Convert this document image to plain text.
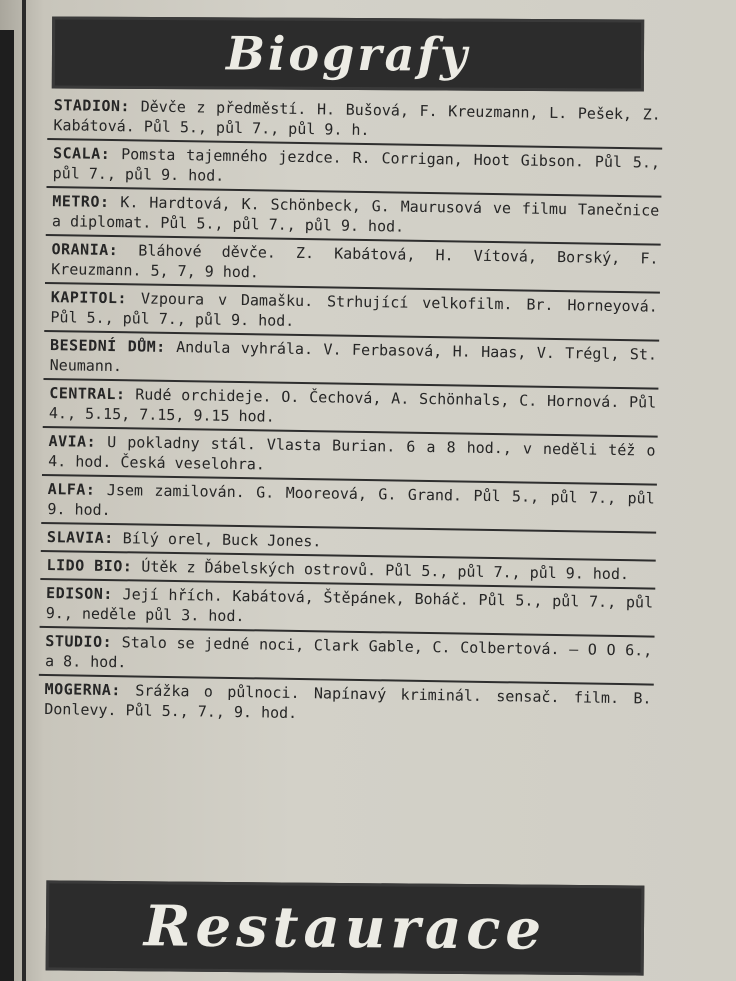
Biografy
STADION: Děvče z předměstí. H. Bušová, F. Kreuzmann, L. Pešek, Z. Kabátová. Půl 5., půl 7., půl 9. h.
SCALA: Pomsta tajemného jezdce. R. Corrigan, Hoot Gibson. Půl 5., půl 7., půl 9. hod.
METRO: K. Hardtová, K. Schönbeck, G. Maurusová ve filmu Tanečnice a diplomat. Půl 5., půl 7., půl 9. hod.
ORANIA: Bláhové děvče. Z. Kabátová, H. Vítová, Borský, F. Kreuzmann. 5, 7, 9 hod.
KAPITOL: Vzpoura v Damašku. Strhující velkofilm. Br. Horneyová. Půl 5., půl 7., půl 9. hod.
BESEDNÍ DŮM: Andula vyhrála. V. Ferbasová, H. Haas, V. Trégl, St. Neumann.
CENTRAL: Rudé orchideje. O. Čechová, A. Schönhals, C. Hornová. Půl 4., 5.15, 7.15, 9.15 hod.
AVIA: U pokladny stál. Vlasta Burian. 6 a 8 hod., v neděli též o 4. hod. Česká veselohra.
ALFA: Jsem zamilován. G. Mooreová, G. Grand. Půl 5., půl 7., půl 9. hod.
SLAVIA: Bílý orel, Buck Jones.
LIDO BIO: Útěk z Ďábelských ostrovů. Půl 5., půl 7., půl 9. hod.
EDISON: Její hřích. Kabátová, Štěpánek, Boháč. Půl 5., půl 7., půl 9., neděle půl 3. hod.
STUDIO: Stalo se jedné noci, Clark Gable, C. Colbertová. — O O 6., a 8. hod.
MOGERNA: Srážka o půlnoci. Napínavý kriminál. sensač. film. B. Donlevy. Půl 5., 7., 9. hod.
Restaurace
